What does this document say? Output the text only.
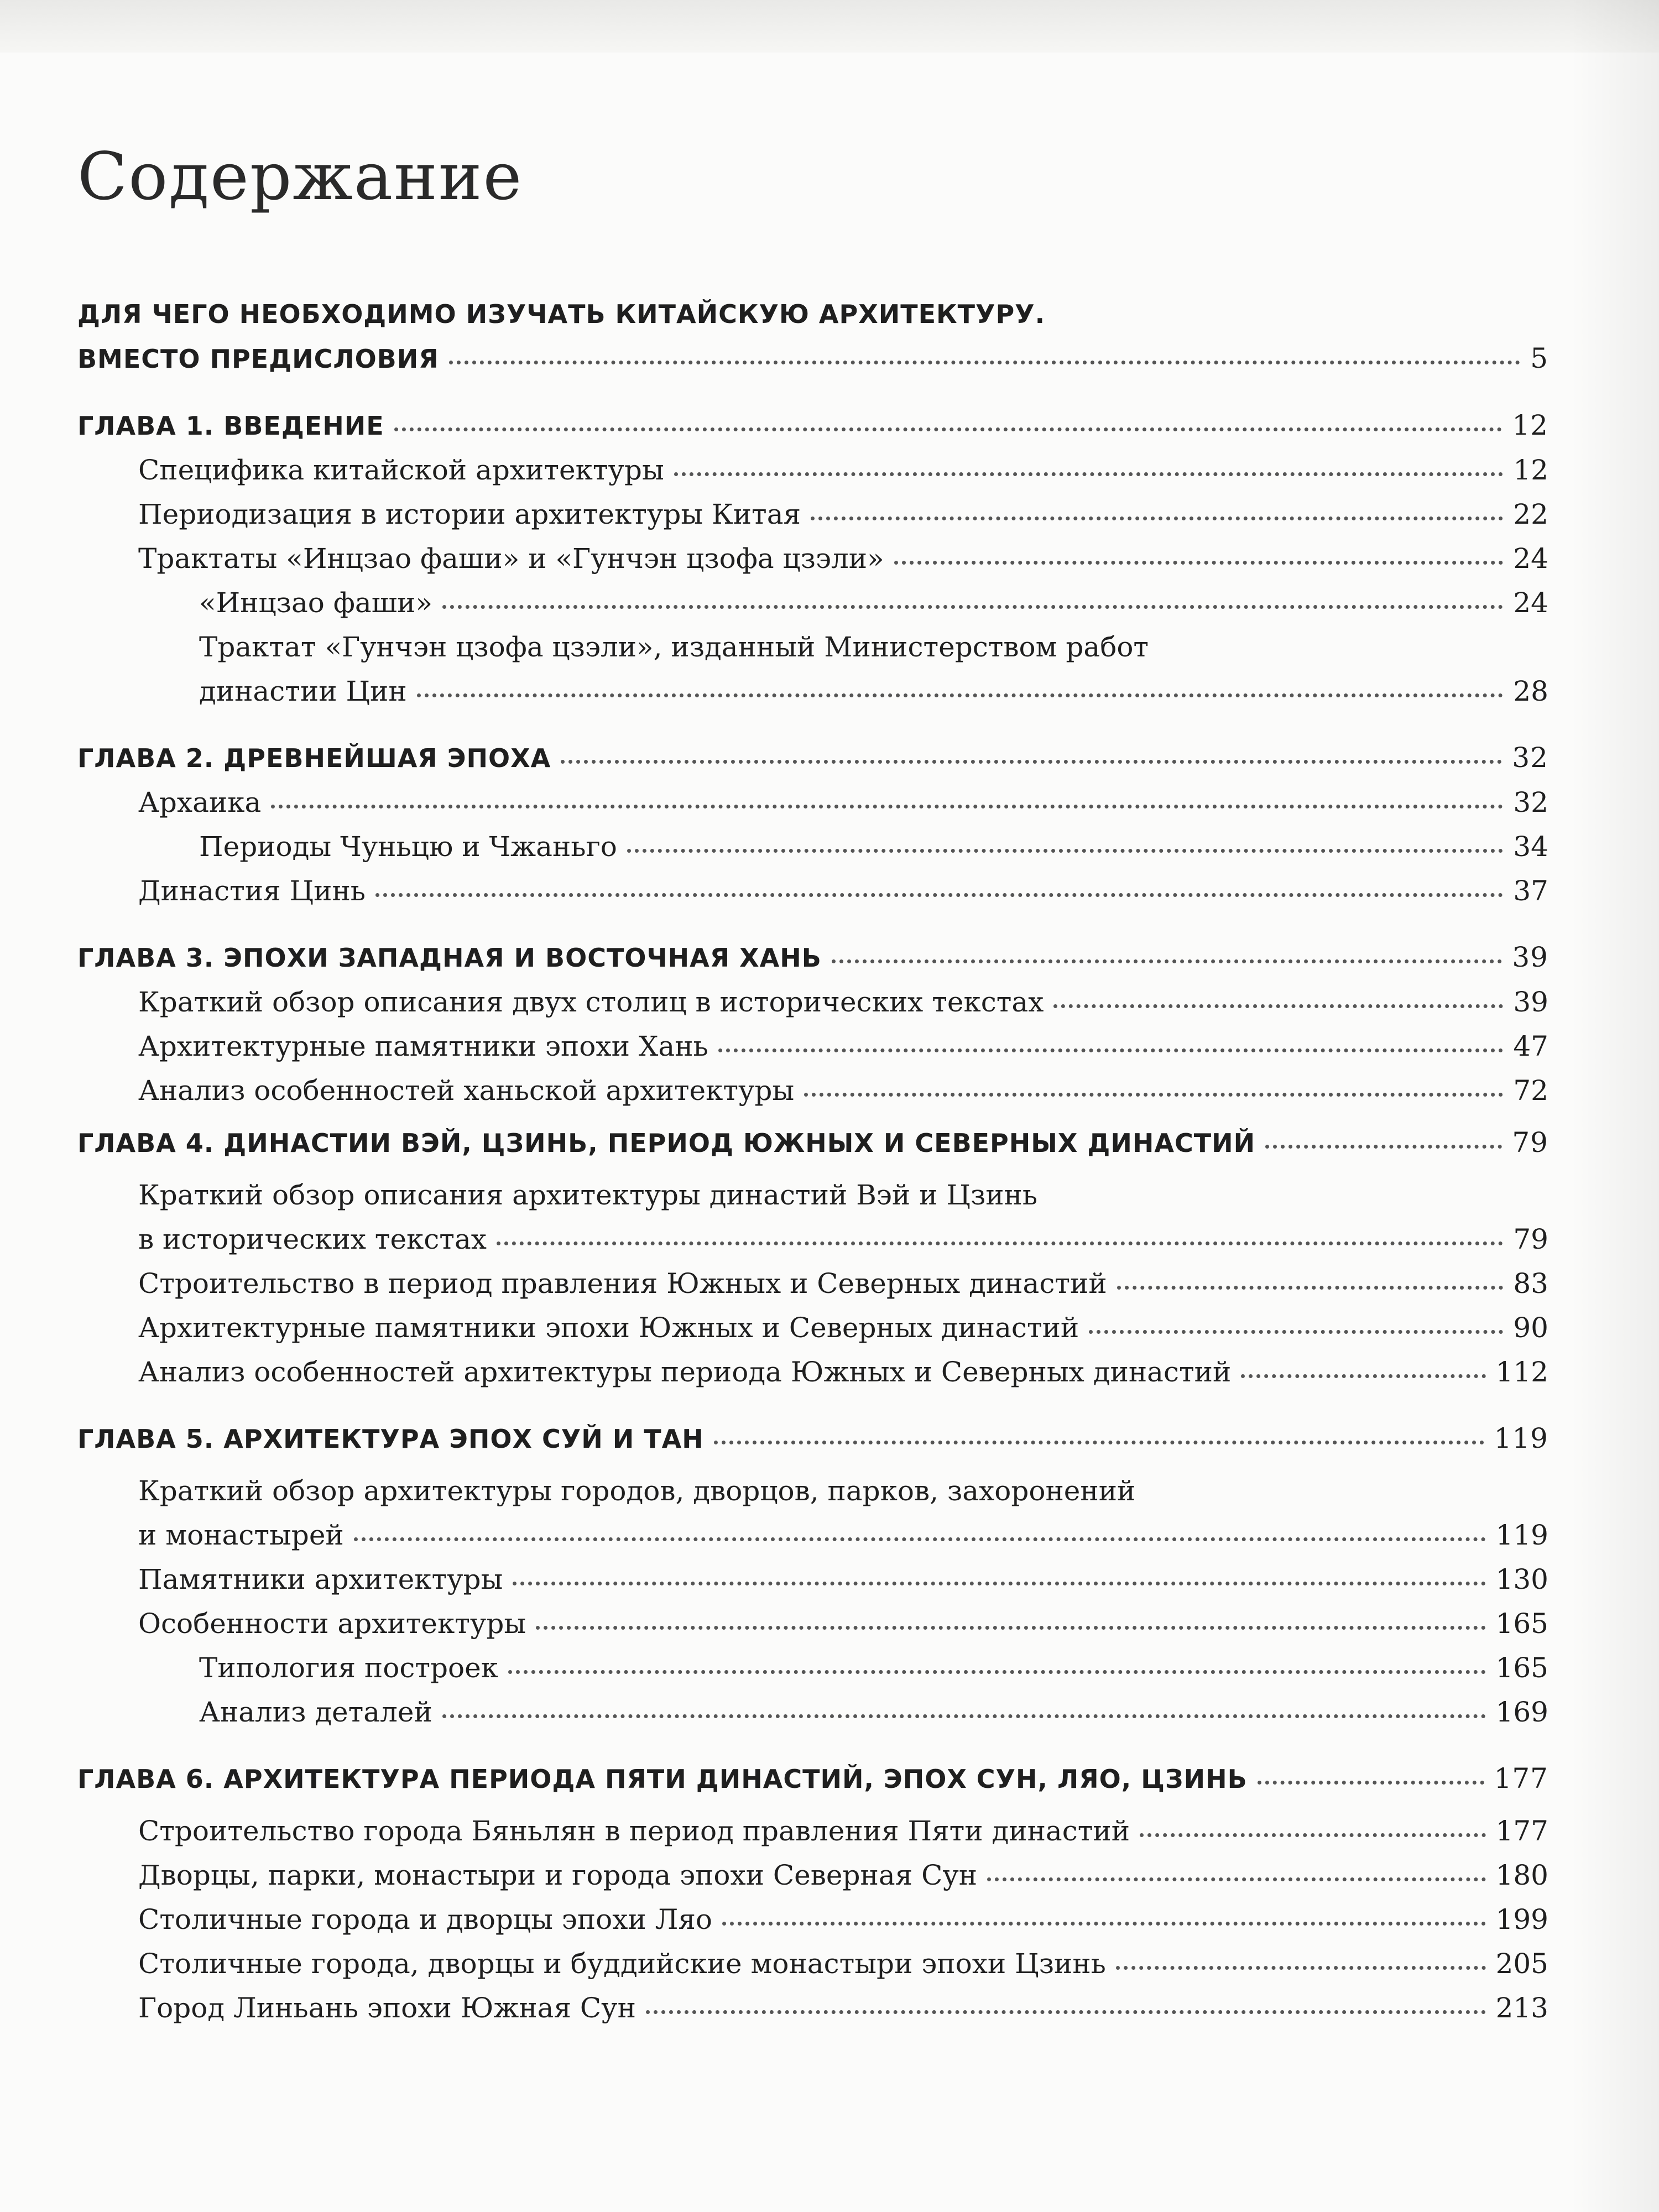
Содержание
ДЛЯ ЧЕГО НЕОБХОДИМО ИЗУЧАТЬ КИТАЙСКУЮ АРХИТЕКТУРУ.
ВМЕСТО ПРЕДИСЛОВИЯ	5
ГЛАВА 1. ВВЕДЕНИЕ	12
Специфика китайской архитектуры	12
Периодизация в истории архитектуры Китая	22
Трактаты «Инцзао фаши» и «Гунчэн цзофа цзэли»	24
«Инцзао фаши»	24
Трактат «Гунчэн цзофа цзэли», изданный Министерством работ
династии Цин	28
ГЛАВА 2. ДРЕВНЕЙШАЯ ЭПОХА	32
Архаика	32
Периоды Чуньцю и Чжаньго	34
Династия Цинь	37
ГЛАВА 3. ЭПОХИ ЗАПАДНАЯ И ВОСТОЧНАЯ ХАНЬ	39
Краткий обзор описания двух столиц в исторических текстах	39
Архитектурные памятники эпохи Хань	47
Анализ особенностей ханьской архитектуры	72
ГЛАВА 4. ДИНАСТИИ ВЭЙ, ЦЗИНЬ, ПЕРИОД ЮЖНЫХ И СЕВЕРНЫХ ДИНАСТИЙ	79
Краткий обзор описания архитектуры династий Вэй и Цзинь
в исторических текстах	79
Строительство в период правления Южных и Северных династий	83
Архитектурные памятники эпохи Южных и Северных династий	90
Анализ особенностей архитектуры периода Южных и Северных династий	112
ГЛАВА 5. АРХИТЕКТУРА ЭПОХ СУЙ И ТАН	119
Краткий обзор архитектуры городов, дворцов, парков, захоронений
и монастырей	119
Памятники архитектуры	130
Особенности архитектуры	165
Типология построек	165
Анализ деталей	169
ГЛАВА 6. АРХИТЕКТУРА ПЕРИОДА ПЯТИ ДИНАСТИЙ, ЭПОХ СУН, ЛЯО, ЦЗИНЬ	177
Строительство города Бяньлян в период правления Пяти династий	177
Дворцы, парки, монастыри и города эпохи Северная Сун	180
Столичные города и дворцы эпохи Ляо	199
Столичные города, дворцы и буддийские монастыри эпохи Цзинь	205
Город Линьань эпохи Южная Сун	213
